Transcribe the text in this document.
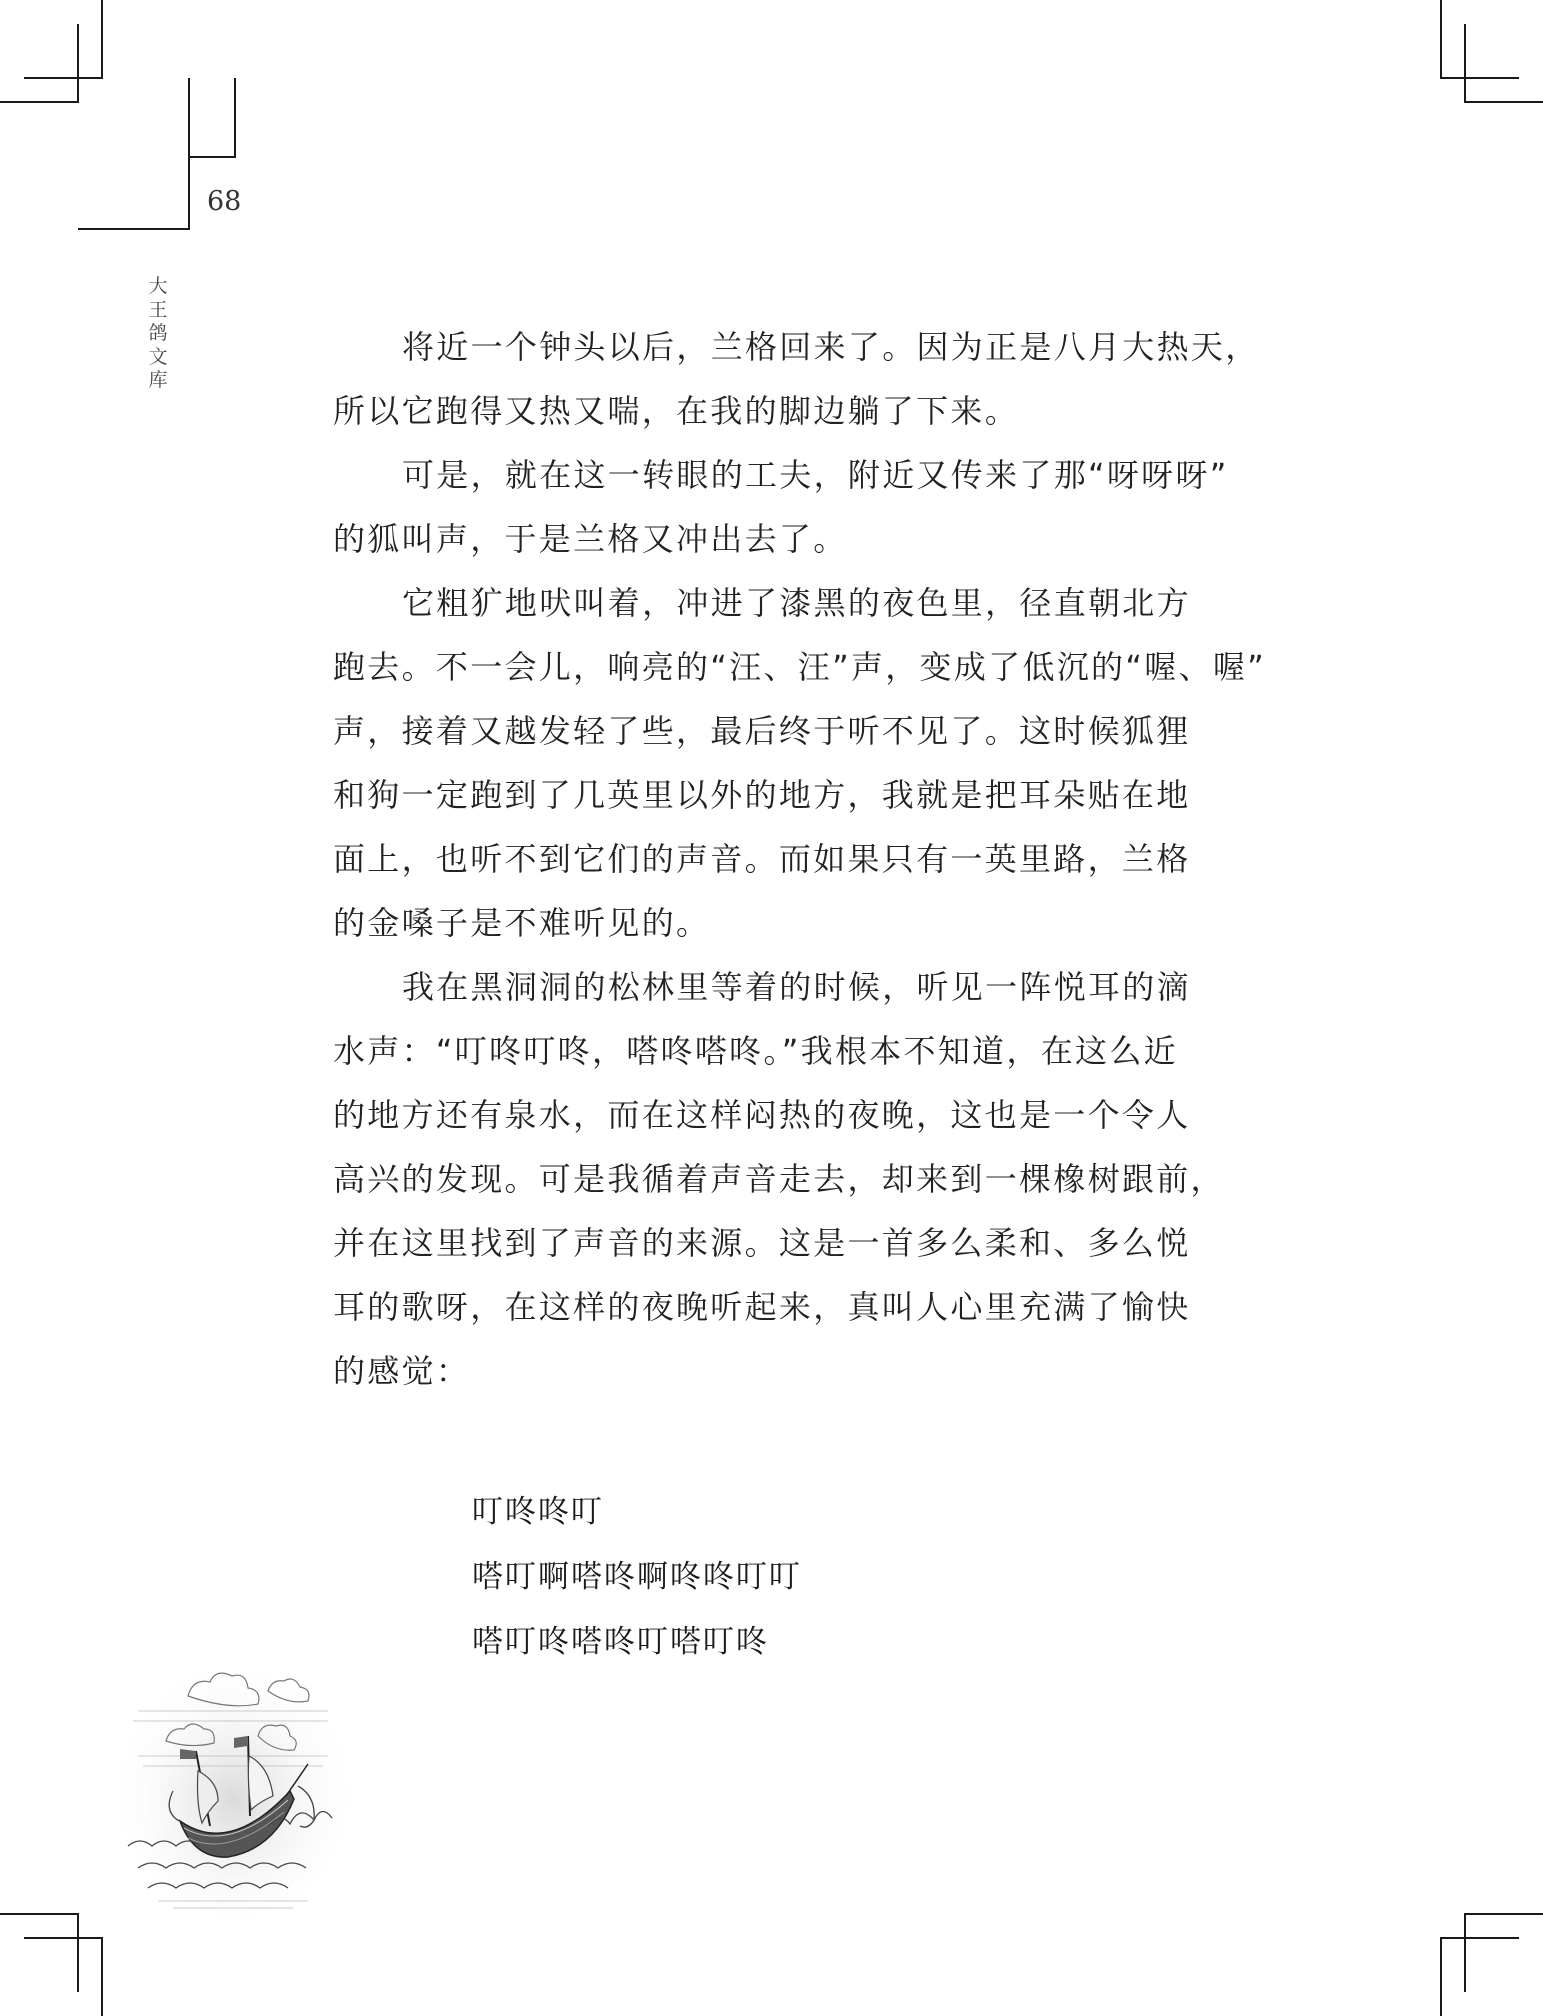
68
大王鸽文库
将近一个钟头以后，兰格回来了。因为正是八月大热天，
所以它跑得又热又喘，在我的脚边躺了下来。
可是，就在这一转眼的工夫，附近又传来了那“呀呀呀”
的狐叫声，于是兰格又冲出去了。
它粗犷地吠叫着，冲进了漆黑的夜色里，径直朝北方
跑去。不一会儿，响亮的“汪、汪”声，变成了低沉的“喔、喔”
声，接着又越发轻了些，最后终于听不见了。这时候狐狸
和狗一定跑到了几英里以外的地方，我就是把耳朵贴在地
面上，也听不到它们的声音。而如果只有一英里路，兰格
的金嗓子是不难听见的。
我在黑洞洞的松林里等着的时候，听见一阵悦耳的滴
水声：“叮咚叮咚，嗒咚嗒咚。”我根本不知道，在这么近
的地方还有泉水，而在这样闷热的夜晚，这也是一个令人
高兴的发现。可是我循着声音走去，却来到一棵橡树跟前，
并在这里找到了声音的来源。这是一首多么柔和、多么悦
耳的歌呀，在这样的夜晚听起来，真叫人心里充满了愉快
的感觉：
叮咚咚叮
嗒叮啊嗒咚啊咚咚叮叮
嗒叮咚嗒咚叮嗒叮咚
